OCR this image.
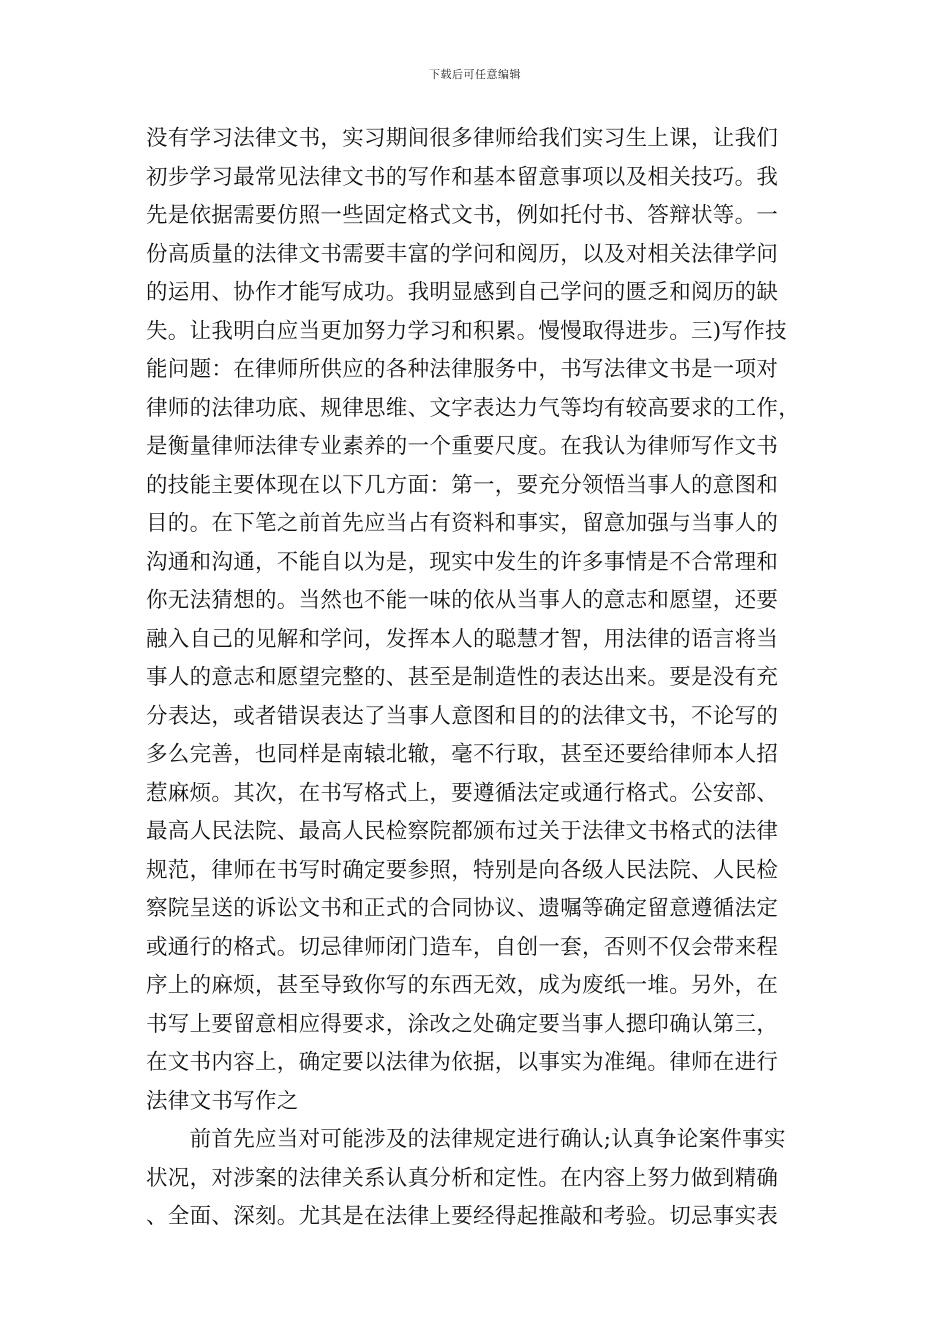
下载后可任意编辑
没有学习法律文书，实习期间很多律师给我们实习生上课，让我们
初步学习最常见法律文书的写作和基本留意事项以及相关技巧。我
先是依据需要仿照一些固定格式文书，例如托付书、答辩状等。一
份高质量的法律文书需要丰富的学问和阅历，以及对相关法律学问
的运用、协作才能写成功。我明显感到自己学问的匮乏和阅历的缺
失。让我明白应当更加努力学习和积累。慢慢取得进步。三)写作技
能问题：在律师所供应的各种法律服务中，书写法律文书是一项对
律师的法律功底、规律思维、文字表达力气等均有较高要求的工作，
是衡量律师法律专业素养的一个重要尺度。在我认为律师写作文书
的技能主要体现在以下几方面：第一，要充分领悟当事人的意图和
目的。在下笔之前首先应当占有资料和事实，留意加强与当事人的
沟通和沟通，不能自以为是，现实中发生的许多事情是不合常理和
你无法猜想的。当然也不能一味的依从当事人的意志和愿望，还要
融入自己的见解和学问，发挥本人的聪慧才智，用法律的语言将当
事人的意志和愿望完整的、甚至是制造性的表达出来。要是没有充
分表达，或者错误表达了当事人意图和目的的法律文书，不论写的
多么完善，也同样是南辕北辙，毫不行取，甚至还要给律师本人招
惹麻烦。其次，在书写格式上，要遵循法定或通行格式。公安部、
最高人民法院、最高人民检察院都颁布过关于法律文书格式的法律
规范，律师在书写时确定要参照，特别是向各级人民法院、人民检
察院呈送的诉讼文书和正式的合同协议、遗嘱等确定留意遵循法定
或通行的格式。切忌律师闭门造车，自创一套，否则不仅会带来程
序上的麻烦，甚至导致你写的东西无效，成为废纸一堆。另外，在
书写上要留意相应得要求，涂改之处确定要当事人摁印确认第三，
在文书内容上，确定要以法律为依据，以事实为准绳。律师在进行
法律文书写作之
　　前首先应当对可能涉及的法律规定进行确认;认真争论案件事实
状况，对涉案的法律关系认真分析和定性。在内容上努力做到精确
、全面、深刻。尤其是在法律上要经得起推敲和考验。切忌事实表
